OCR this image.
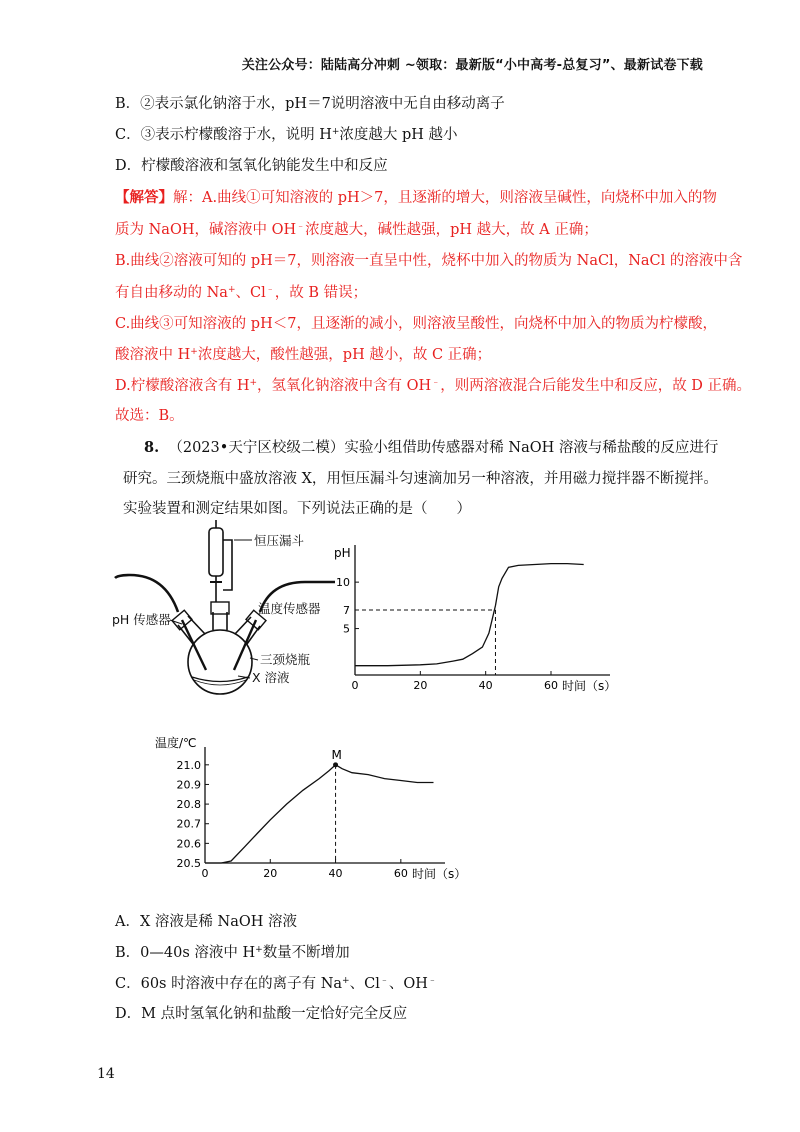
关注公众号：陆陆高分冲刺 ~领取：最新版“小中高考-总复习”、最新试卷下载
B．②表示氯化钠溶于水，pH＝7说明溶液中无自由移动离子
C．③表示柠檬酸溶于水，说明 H+浓度越大 pH 越小
D．柠檬酸溶液和氢氧化钠能发生中和反应
【解答】解：A.曲线①可知溶液的 pH＞7，且逐渐的增大，则溶液呈碱性，向烧杯中加入的物
质为 NaOH，碱溶液中 OH﹣浓度越大，碱性越强，pH 越大，故 A 正确；
B.曲线②溶液可知的 pH＝7，则溶液一直呈中性，烧杯中加入的物质为 NaCl，NaCl 的溶液中含
有自由移动的 Na+、Cl﹣，故 B 错误；
C.曲线③可知溶液的 pH＜7，且逐渐的减小，则溶液呈酸性，向烧杯中加入的物质为柠檬酸，
酸溶液中 H+浓度越大，酸性越强，pH 越小，故 C 正确；
D.柠檬酸溶液含有 H+，氢氧化钠溶液中含有 OH﹣，则两溶液混合后能发生中和反应，故 D 正确。
故选：B。
8. （2023•天宁区校级二模）实验小组借助传感器对稀 NaOH 溶液与稀盐酸的反应进行
研究。三颈烧瓶中盛放溶液 X，用恒压漏斗匀速滴加另一种溶液，并用磁力搅拌器不断搅拌。
实验装置和测定结果如图。下列说法正确的是（　　）
恒压漏斗
pH 传感器
温度传感器
三颈烧瓶
X 溶液
pH
5
7
10
0	20	40	60 时间（s）
温度/℃
20.5
20.6
20.7
20.8
20.9
21.0
0	20	40	60 时间（s）
M
A．X 溶液是稀 NaOH 溶液
B．0—40s 溶液中 H+数量不断增加
C．60s 时溶液中存在的离子有 Na+、Cl﹣、OH﹣
D．M 点时氢氧化钠和盐酸一定恰好完全反应
14
